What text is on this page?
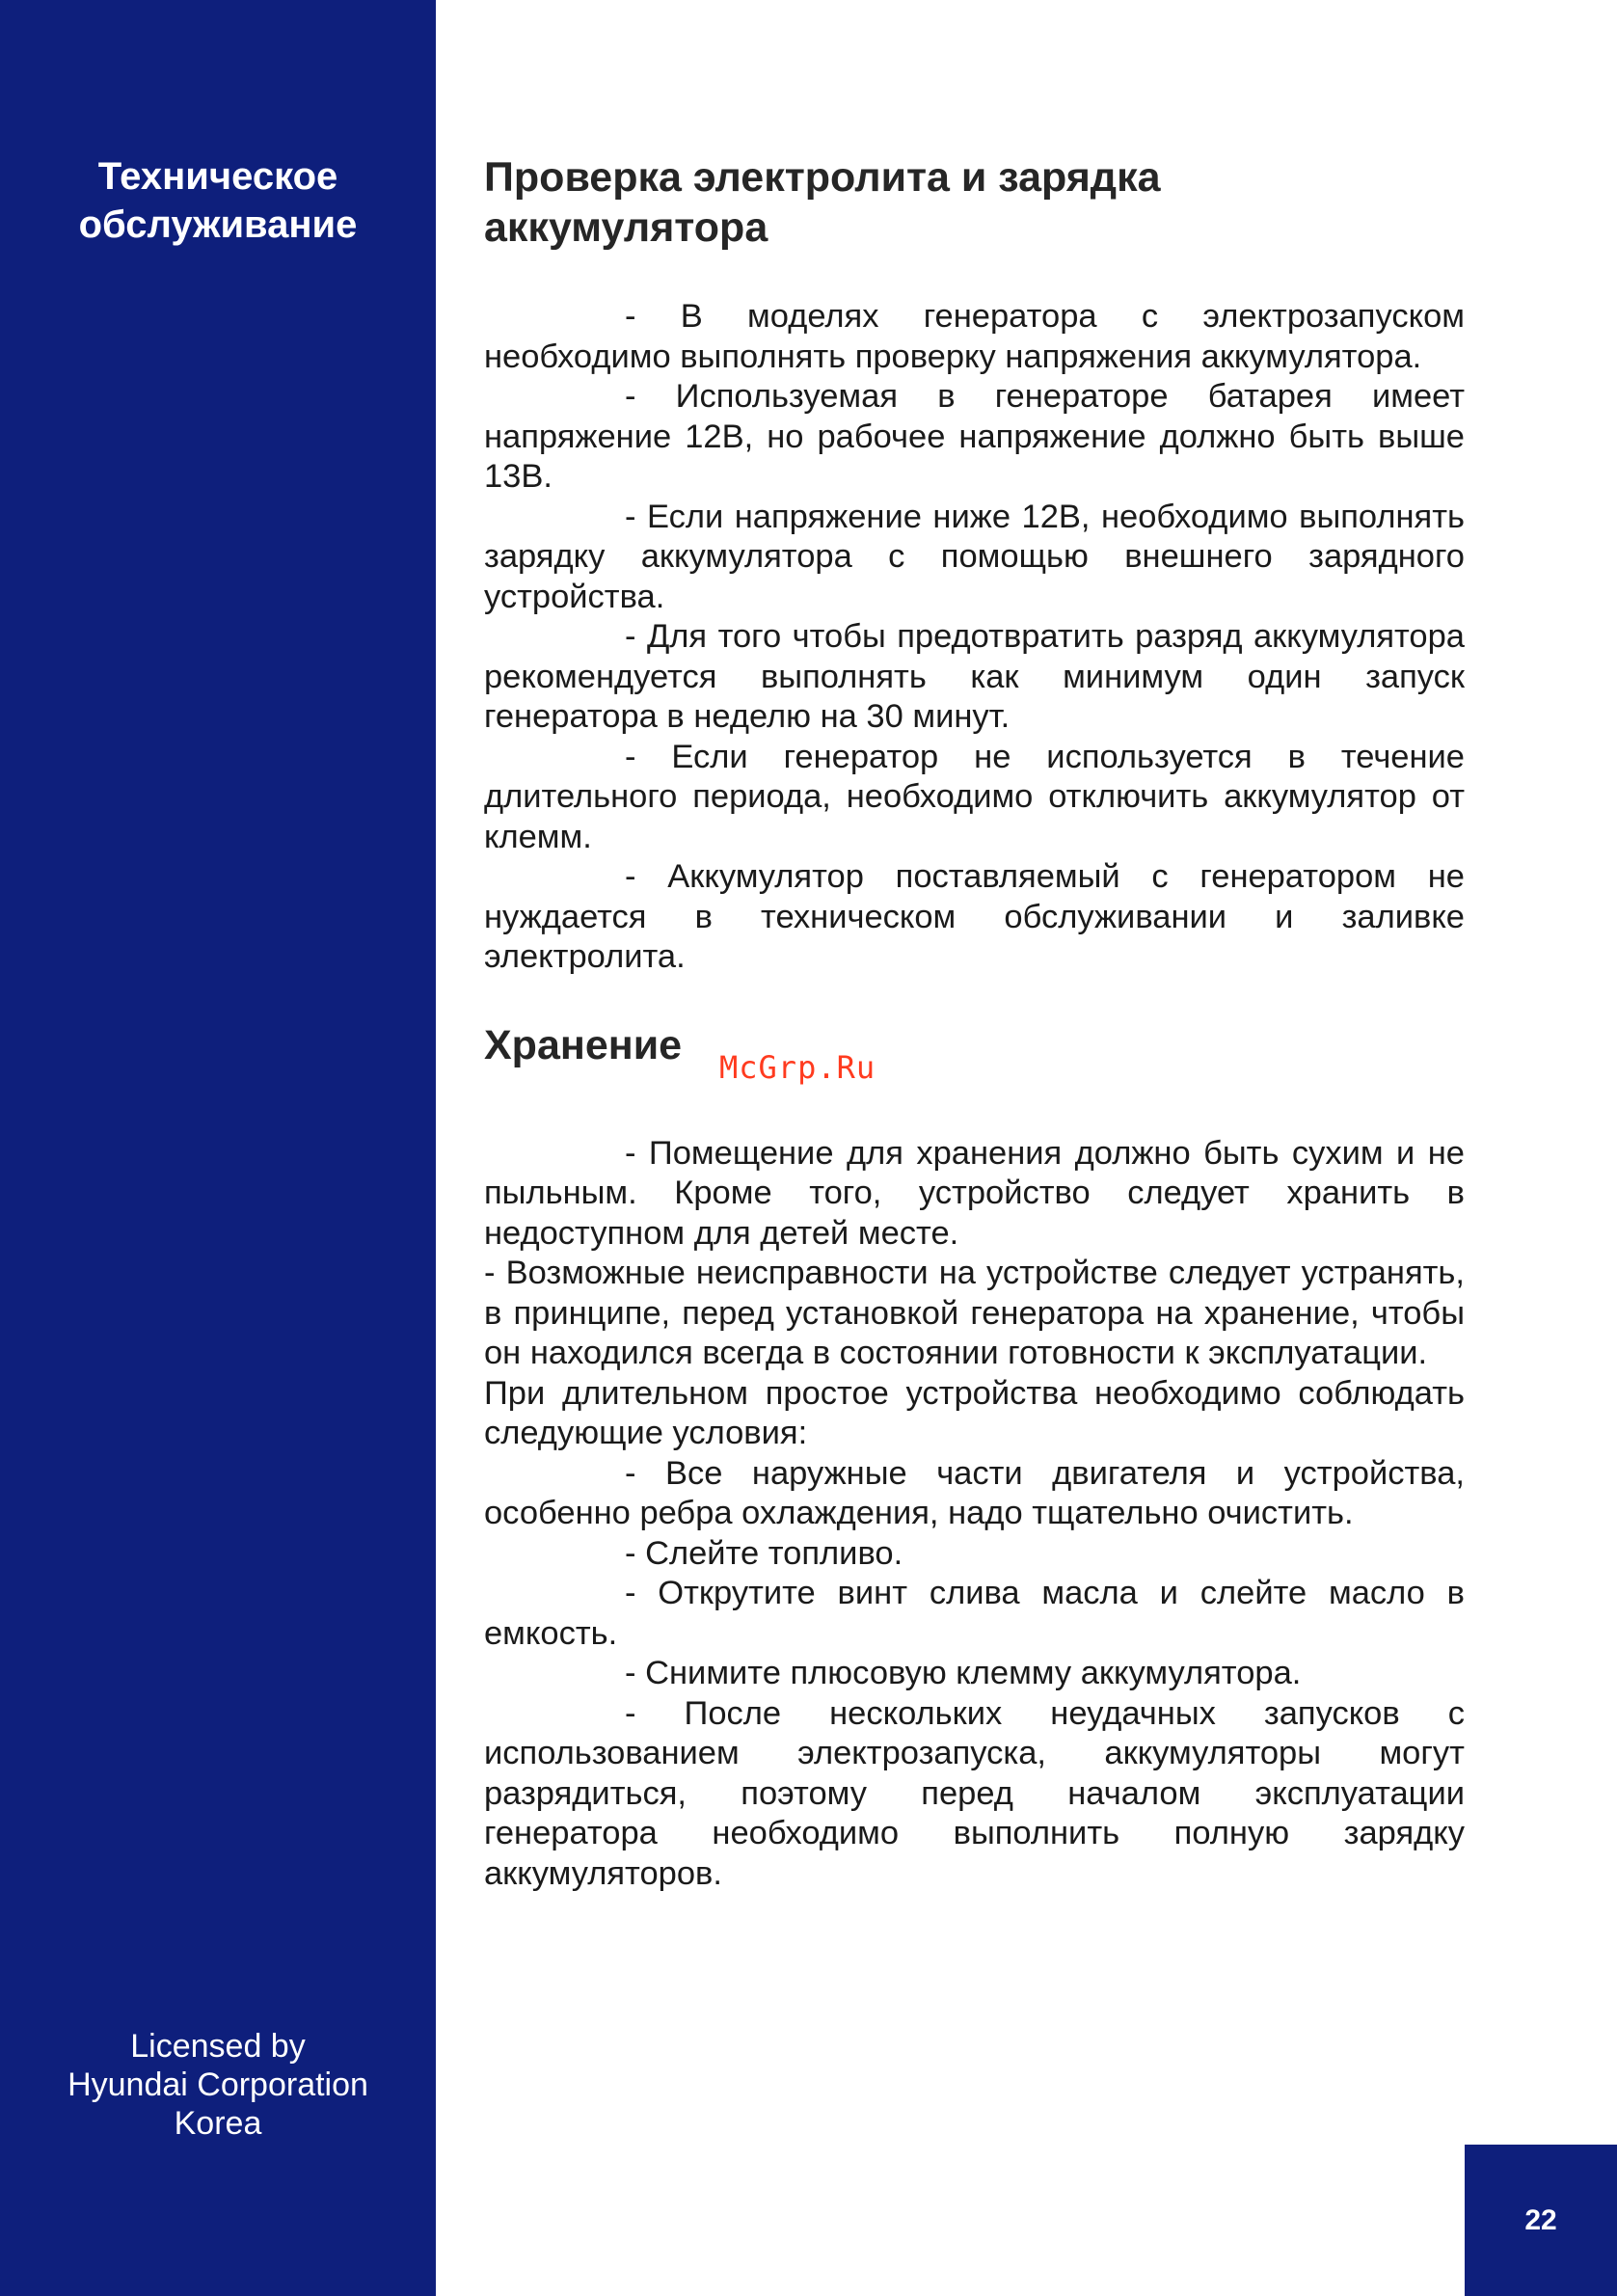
Техническое
обслуживание
Licensed by
Hyundai Corporation
Korea
Проверка электролита и зарядка
аккумулятора

- В моделях генератора с электрозапуском необходимо выполнять проверку напряжения аккумулятора.

- Используемая в генераторе батарея имеет напряжение 12В, но рабочее напряжение должно быть выше 13В.

- Если напряжение ниже 12В, необходимо выполнять зарядку аккумулятора с помощью внешнего зарядного устройства.

- Для того чтобы предотвратить разряд аккумулятора рекомендуется выполнять как минимум один запуск генератора в неделю на 30 минут.

- Если генератор не используется в течение длительного периода, необходимо отключить аккумулятор от клемм.

- Аккумулятор поставляемый с генератором не нуждается в техническом обслуживании и заливке электролита.

Хранение	McGrp.Ru

- Помещение для хранения должно быть сухим и не пыльным. Кроме того, устройство следует хранить в недоступном для детей месте.

- Возможные неисправности на устройстве следует устранять, в принципе, перед установкой генератора на хранение, чтобы он находился всегда в состоянии готовности к эксплуатации.

При длительном простое устройства необходимо соблюдать следующие условия:

- Все наружные части двигателя и устройства, особенно ребра охлаждения, надо тщательно очистить.

- Слейте топливо.

- Открутите винт слива масла и слейте масло в емкость.

- Снимите плюсовую клемму аккумулятора.

- После нескольких неудачных запусков с использованием электрозапуска, аккумуляторы могут разрядиться, поэтому перед началом эксплуатации генератора необходимо выполнить полную зарядку аккумуляторов.

22
